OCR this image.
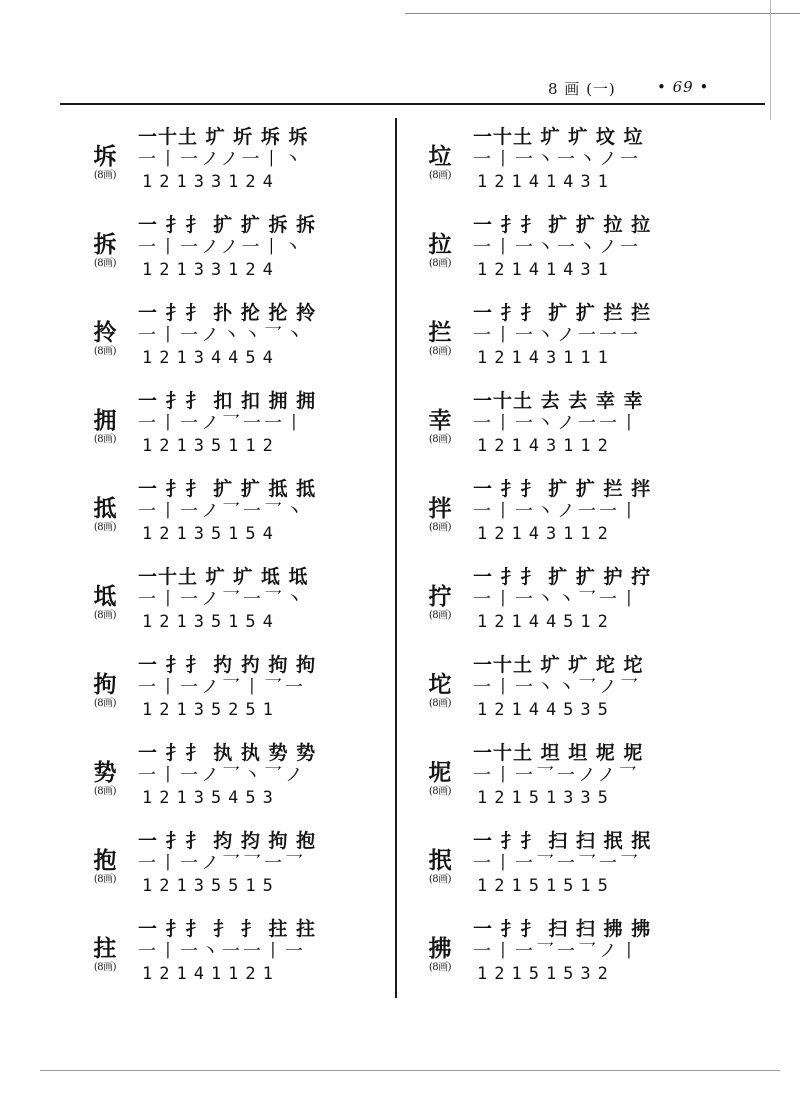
8 画 (一)	• 69 •
坼
(8画)
一十土 圹 圻 坼 坼
一丨一ノノ一丨丶
12133124
拆
(8画)
一 扌扌 扩 扩 拆 拆
一丨一ノノ一丨丶
12133124
拎
(8画)
一 扌扌 扑 抡 抡 拎
一丨一ノ丶丶乛丶
12134454
拥
(8画)
一 扌扌 扣 扣 拥 拥
一丨一ノ乛一一丨
12135112
抵
(8画)
一 扌扌 扩 扩 抵 抵
一丨一ノ乛一乛丶
12135154
坻
(8画)
一十土 圹 圹 坻 坻
一丨一ノ乛一乛丶
12135154
拘
(8画)
一 扌扌 扚 扚 拘 拘
一丨一ノ乛丨乛一
12135251
势
(8画)
一 扌扌 执 执 势 势
一丨一ノ乛丶乛ノ
12135453
抱
(8画)
一 扌扌 抣 抣 拘 抱
一丨一ノ乛乛一乛
12135515
拄
(8画)
一 扌扌 扌 扌 拄 拄
一丨一丶一一丨一
12141121
垃
(8画)
一十土 圹 圹 坟 垃
一丨一丶一丶ノ一
12141431
拉
(8画)
一 扌扌 扩 扩 拉 拉
一丨一丶一丶ノ一
12141431
拦
(8画)
一 扌扌 扩 扩 拦 拦
一丨一丶ノ一一一
12143111
幸
(8画)
一十土 去 去 幸 幸
一丨一丶ノ一一丨
12143112
拌
(8画)
一 扌扌 扩 扩 拦 拌
一丨一丶ノ一一丨
12143112
拧
(8画)
一 扌扌 扩 扩 护 拧
一丨一丶丶乛一丨
12144512
坨
(8画)
一十土 圹 圹 坨 坨
一丨一丶丶乛ノ乛
12144535
坭
(8画)
一十土 坦 坦 坭 坭
一丨一乛一ノノ乛
12151335
抿
(8画)
一 扌扌 扫 扫 抿 抿
一丨一乛一乛一乛
12151515
拂
(8画)
一 扌扌 扫 扫 拂 拂
一丨一乛一乛ノ丨
12151532
